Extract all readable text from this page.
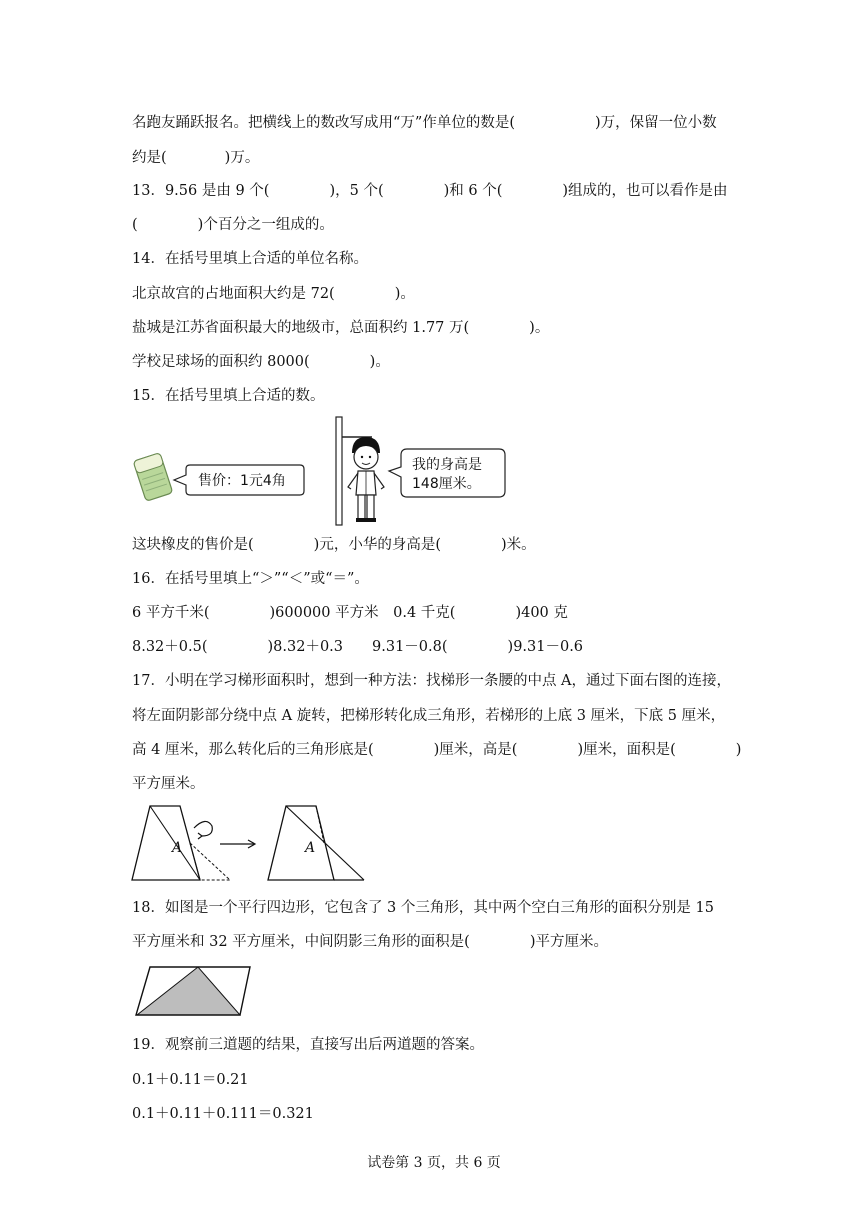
名跑友踊跃报名。把横线上的数改写成用“万”作单位的数是(	)万，保留一位小数
约是(	)万。
13．9.56 是由 9 个(	)，5 个(	)和 6 个(	)组成的，也可以看作是由
(	)个百分之一组成的。
14．在括号里填上合适的单位名称。
北京故宫的占地面积大约是 72(	)。
盐城是江苏省面积最大的地级市，总面积约 1.77 万(	)。
学校足球场的面积约 8000(	)。
15．在括号里填上合适的数。
售价：1元4角
我的身高是
148厘米。
这块橡皮的售价是(	)元，小华的身高是(	)米。
16．在括号里填上“＞”“＜”或“＝”。
6 平方千米(	)600000 平方米　0.4 千克(	)400 克
8.32＋0.5(	)8.32＋0.3　　9.31－0.8(	)9.31－0.6
17．小明在学习梯形面积时，想到一种方法：找梯形一条腰的中点 A，通过下面右图的连接，
将左面阴影部分绕中点 A 旋转，把梯形转化成三角形，若梯形的上底 3 厘米，下底 5 厘米，
高 4 厘米，那么转化后的三角形底是(	)厘米，高是(	)厘米，面积是(	)
平方厘米。
A	A
18．如图是一个平行四边形，它包含了 3 个三角形，其中两个空白三角形的面积分别是 15
平方厘米和 32 平方厘米，中间阴影三角形的面积是(	)平方厘米。
19．观察前三道题的结果，直接写出后两道题的答案。
0.1＋0.11＝0.21
0.1＋0.11＋0.111＝0.321
试卷第 3 页，共 6 页
